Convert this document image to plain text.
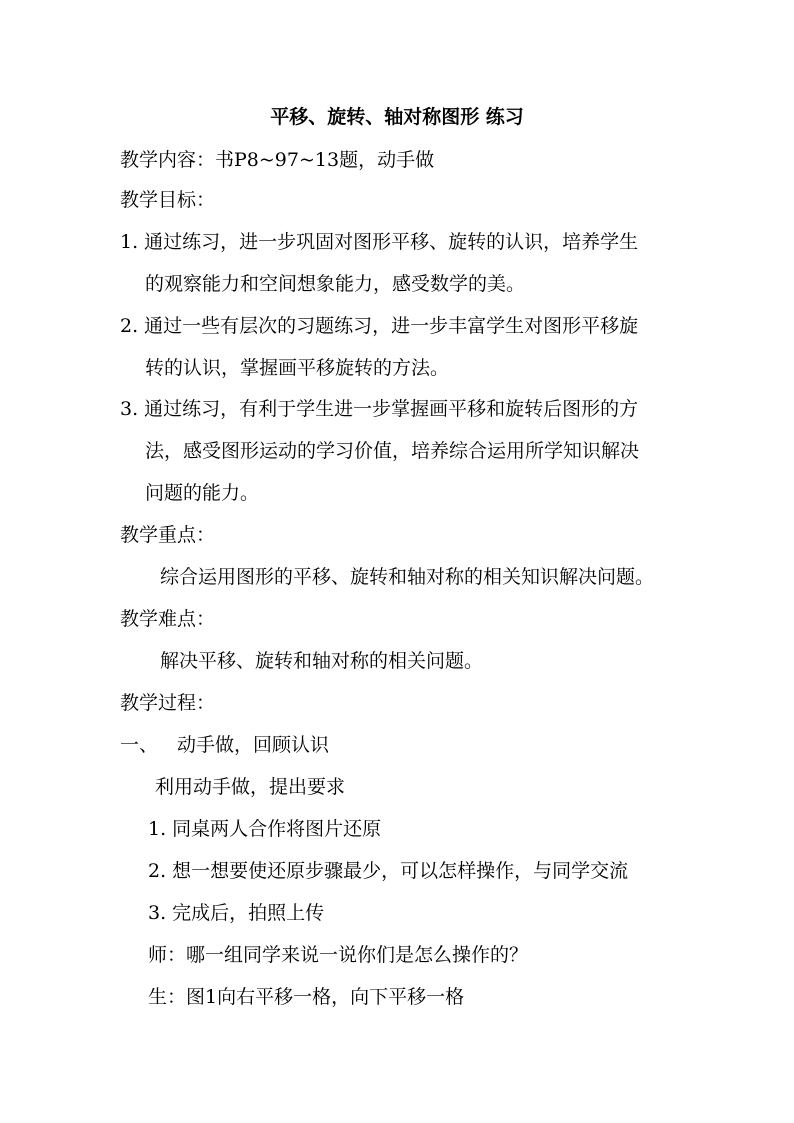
平移、旋转、轴对称图形 练习
教学内容：书P8~97~13题，动手做
教学目标：
1. 通过练习，进一步巩固对图形平移、旋转的认识，培养学生
的观察能力和空间想象能力，感受数学的美。
2. 通过一些有层次的习题练习，进一步丰富学生对图形平移旋
转的认识，掌握画平移旋转的方法。
3. 通过练习，有利于学生进一步掌握画平移和旋转后图形的方
法，感受图形运动的学习价值，培养综合运用所学知识解决
问题的能力。
教学重点：
综合运用图形的平移、旋转和轴对称的相关知识解决问题。
教学难点：
解决平移、旋转和轴对称的相关问题。
教学过程：
一、 动手做，回顾认识
利用动手做，提出要求
1. 同桌两人合作将图片还原
2. 想一想要使还原步骤最少，可以怎样操作，与同学交流
3. 完成后，拍照上传
师：哪一组同学来说一说你们是怎么操作的？
生：图1向右平移一格，向下平移一格
